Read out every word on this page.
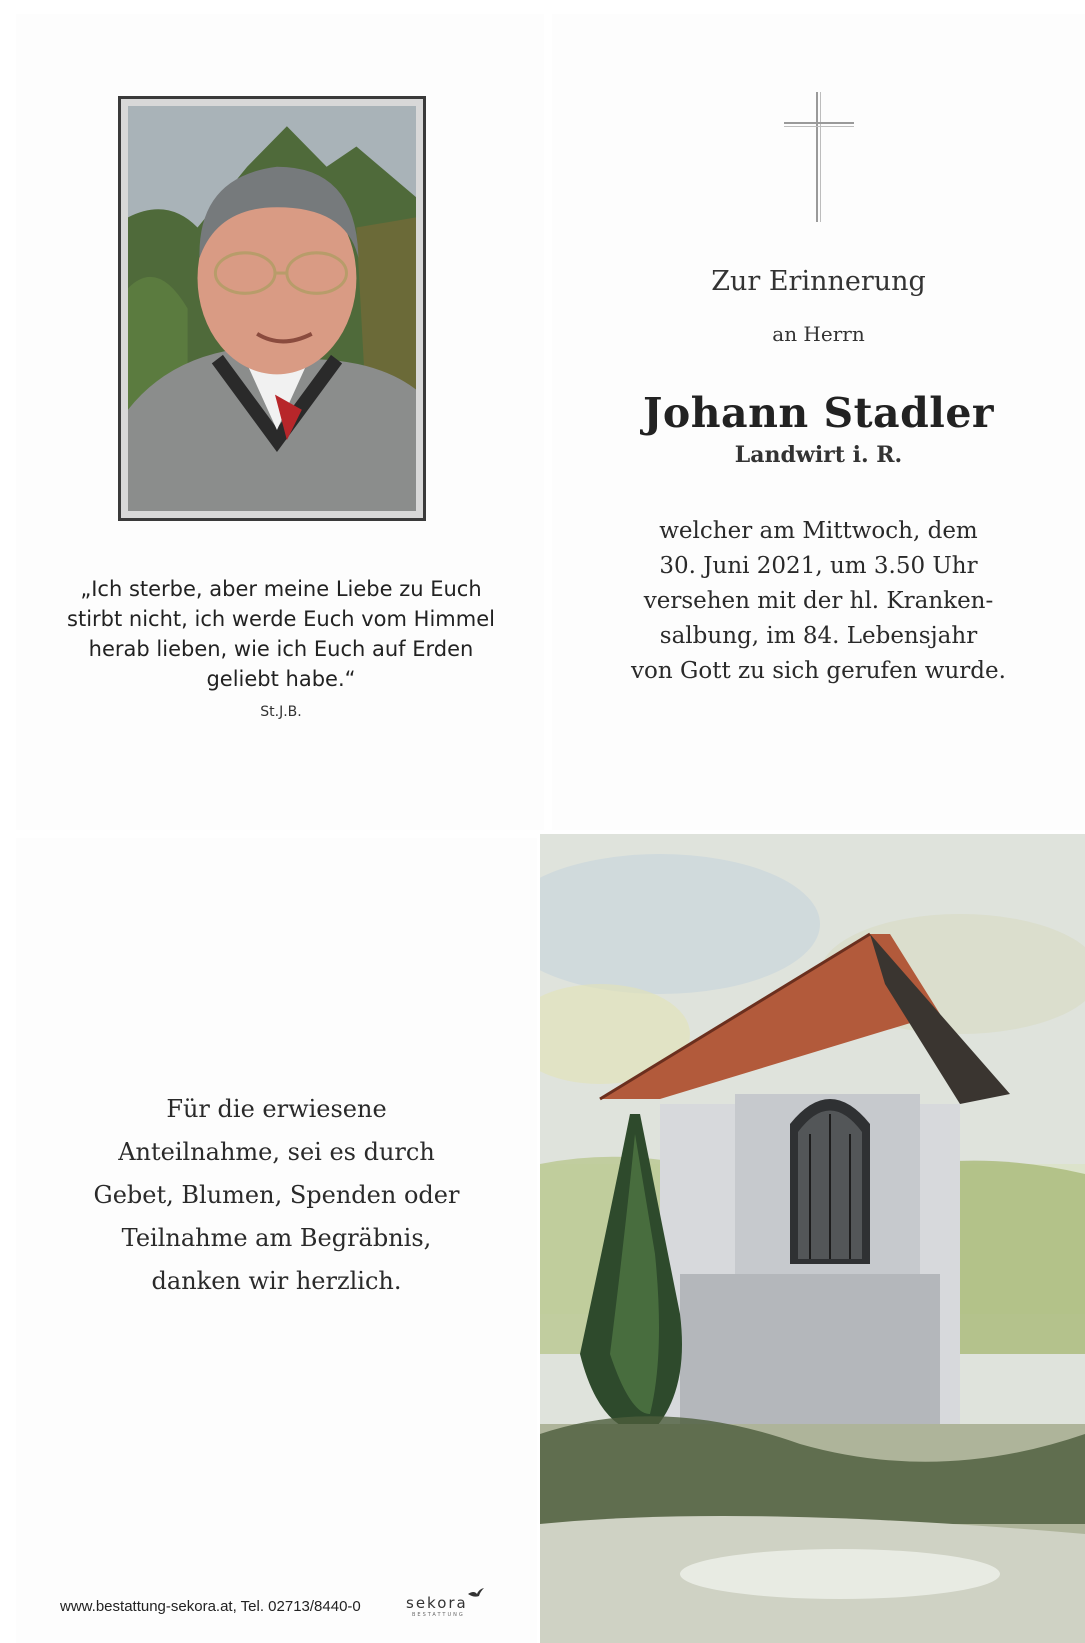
„Ich sterbe, aber meine Liebe zu Euch
stirbt nicht, ich werde Euch vom Himmel
herab lieben, wie ich Euch auf Erden
geliebt habe.“
St.J.B.
Zur Erinnerung
an Herrn
Johann Stadler
Landwirt i. R.
welcher am Mittwoch, dem
30. Juni 2021, um 3.50 Uhr
versehen mit der hl. Kranken-
salbung, im 84. Lebensjahr
von Gott zu sich gerufen wurde.
Für die erwiesene
Anteilnahme, sei es durch
Gebet, Blumen, Spenden oder
Teilnahme am Begräbnis,
danken wir herzlich.
www.bestattung-sekora.at, Tel. 02713/8440-0	sekora
BESTATTUNG
